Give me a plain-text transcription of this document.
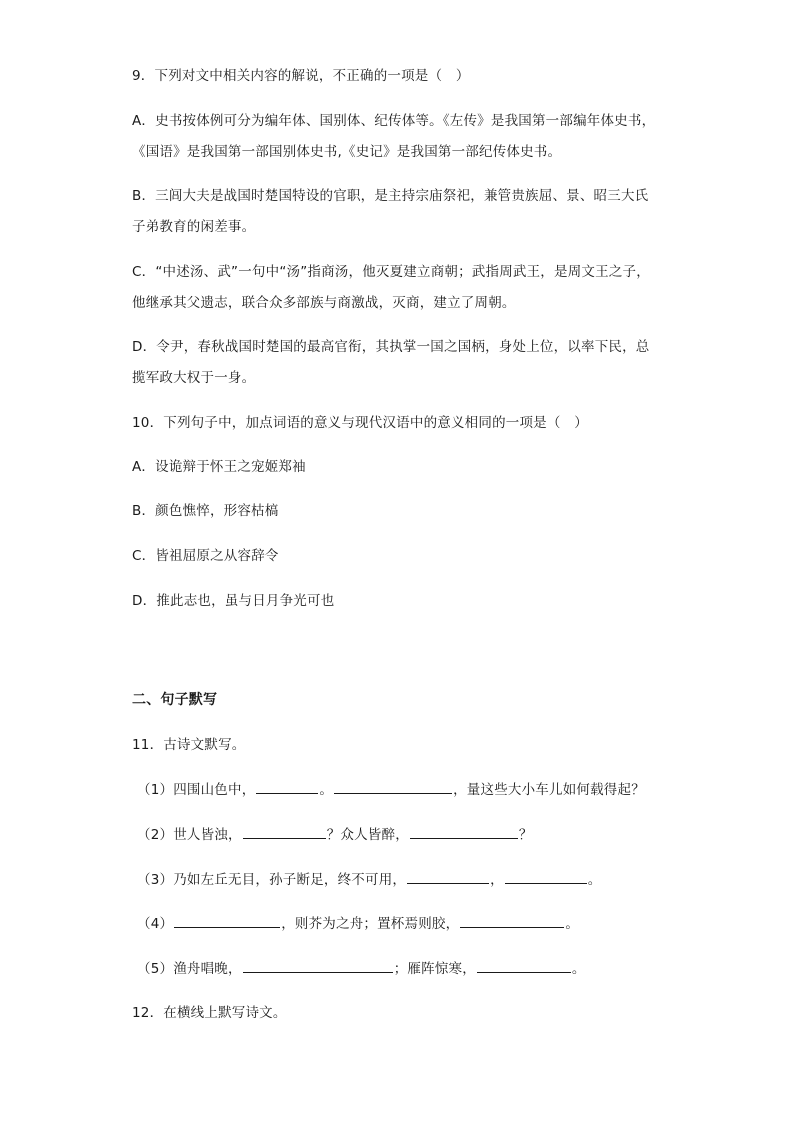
9．下列对文中相关内容的解说，不正确的一项是（　）
A．史书按体例可分为编年体、国别体、纪传体等。《左传》是我国第一部编年体史书，
《国语》是我国第一部国别体史书,《史记》是我国第一部纪传体史书。
B．三闾大夫是战国时楚国特设的官职，是主持宗庙祭祀，兼管贵族屈、景、昭三大氏
子弟教育的闲差事。
C．“中述汤、武”一句中“汤”指商汤，他灭夏建立商朝；武指周武王，是周文王之子，
他继承其父遗志，联合众多部族与商激战，灭商，建立了周朝。
D．令尹，春秋战国时楚国的最高官衔，其执掌一国之国柄，身处上位，以率下民，总
揽军政大权于一身。
10．下列句子中，加点词语的意义与现代汉语中的意义相同的一项是（　）
A．设诡辩于怀王之宠姬郑袖
B．颜色憔悴，形容枯槁
C．皆祖屈原之从容辞令
D．推此志也，虽与日月争光可也
二、句子默写
11．古诗文默写。
（1）四围山色中，	。	，量这些大小车儿如何载得起？
（2）世人皆浊，	？众人皆醉，	？
（3）乃如左丘无目，孙子断足，终不可用，	，	。
（4）	，则芥为之舟；置杯焉则胶，	。
（5）渔舟唱晚，	；雁阵惊寒，	。
12．在横线上默写诗文。
